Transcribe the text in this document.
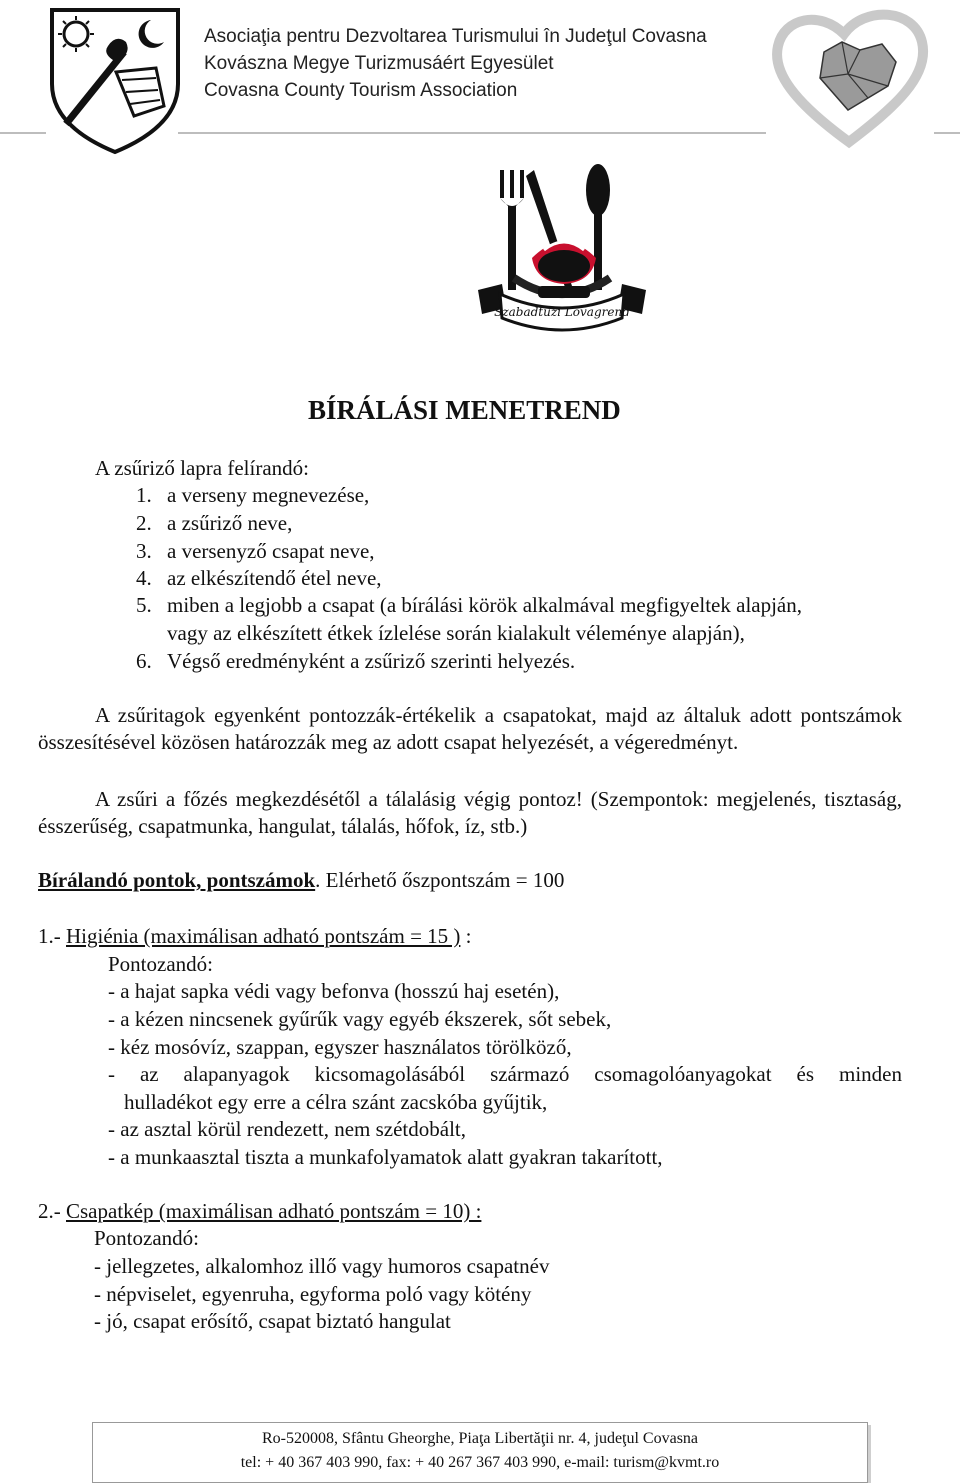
Asociaţia pentru Dezvoltarea Turismului în Judeţul Covasna
Kovászna Megye Turizmusáért Egyesület
Covasna County Tourism Association
Szabadtűzi Lovagrend
BÍRÁLÁSI MENETREND
A zsűriző lapra felírandó:
1. a verseny megnevezése,
2. a zsűriző neve,
3. a versenyző csapat neve,
4. az elkészítendő étel neve,
5. miben a legjobb a csapat (a bírálási körök alkalmával megfigyeltek alapján,
vagy az elkészített étkek ízlelése során kialakult véleménye alapján),
6. Végső eredményként a zsűriző szerinti helyezés.
A zsűritagok egyenként pontozzák-értékelik a csapatokat, majd az általuk adott pontszámok összesítésével közösen határozzák meg az adott csapat helyezését, a végeredményt.
A zsűri a főzés megkezdésétől a tálalásig végig pontoz! (Szempontok: megjelenés, tisztaság, ésszerűség, csapatmunka, hangulat, tálalás, hőfok, íz, stb.)
Bírálandó pontok, pontszámok. Elérhető őszpontszám = 100
1.- Higiénia (maximálisan adható pontszám = 15 ) :
Pontozandó:
- a hajat sapka védi vagy befonva (hosszú haj esetén),
- a kézen nincsenek gyűrűk vagy egyéb ékszerek, sőt sebek,
- kéz mosóvíz, szappan, egyszer használatos törölköző,
- az alapanyagok kicsomagolásából származó csomagolóanyagokat és minden
hulladékot egy erre a célra szánt zacskóba gyűjtik,
- az asztal körül rendezett, nem szétdobált,
- a munkaasztal tiszta a munkafolyamatok alatt gyakran takarított,
2.- Csapatkép (maximálisan adható pontszám = 10) :
Pontozandó:
- jellegzetes, alkalomhoz illő vagy humoros csapatnév
- népviselet, egyenruha, egyforma poló vagy kötény
- jó, csapat erősítő, csapat biztató hangulat
Ro-520008, Sfântu Gheorghe, Piaţa Libertăţii nr. 4, judeţul Covasna
tel: + 40 367 403 990, fax: + 40 267 367 403 990, e-mail: turism@kvmt.ro
